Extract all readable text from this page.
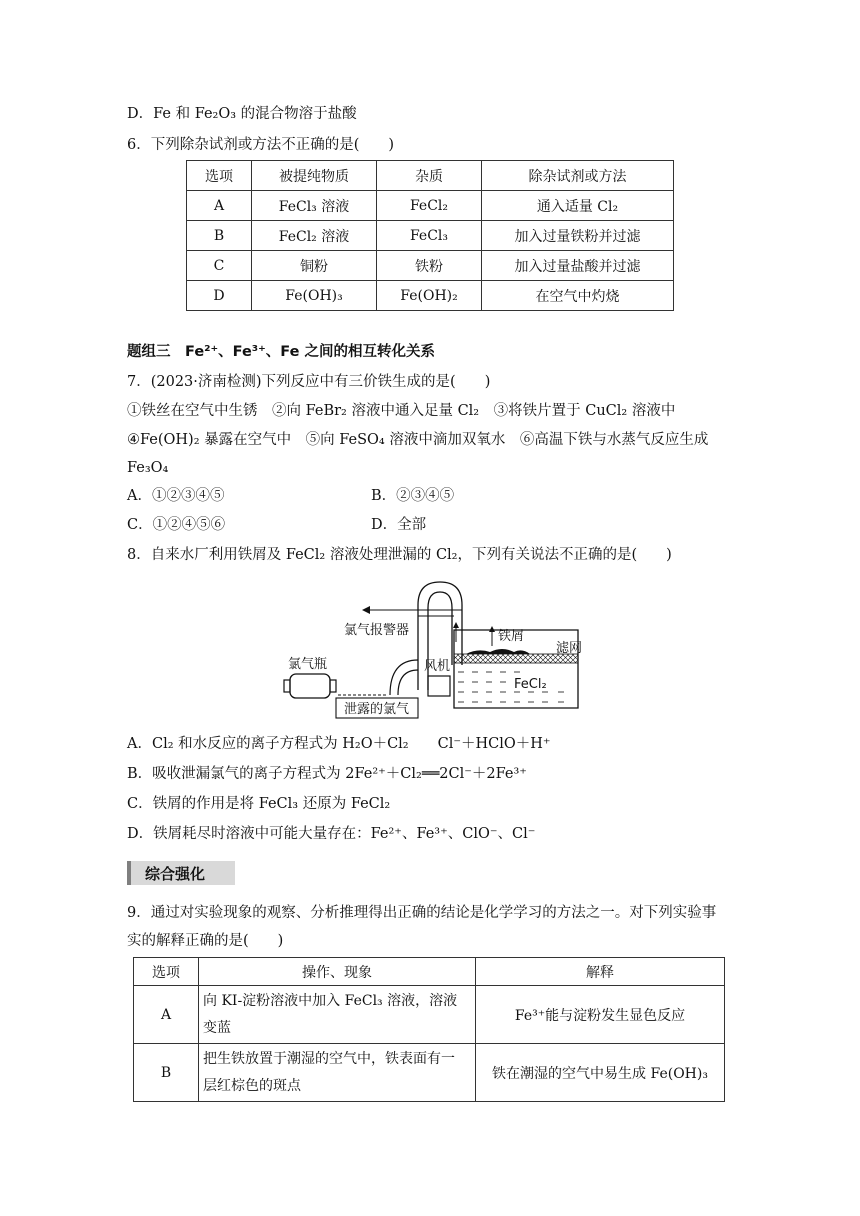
D．Fe 和 Fe₂O₃ 的混合物溶于盐酸
6．下列除杂试剂或方法不正确的是(　　)
选项	被提纯物质	杂质	除杂试剂或方法
A	FeCl₃ 溶液	FeCl₂	通入适量 Cl₂
B	FeCl₂ 溶液	FeCl₃	加入过量铁粉并过滤
C	铜粉	铁粉	加入过量盐酸并过滤
D	Fe(OH)₃	Fe(OH)₂	在空气中灼烧
题组三　Fe²⁺、Fe³⁺、Fe 之间的相互转化关系
7．(2023·济南检测)下列反应中有三价铁生成的是(　　)
①铁丝在空气中生锈　②向 FeBr₂ 溶液中通入足量 Cl₂　③将铁片置于 CuCl₂ 溶液中
④Fe(OH)₂ 暴露在空气中　⑤向 FeSO₄ 溶液中滴加双氧水　⑥高温下铁与水蒸气反应生成
Fe₃O₄
A．①②③④⑤	B．②③④⑤
C．①②④⑤⑥	D．全部
8．自来水厂利用铁屑及 FeCl₂ 溶液处理泄漏的 Cl₂，下列有关说法不正确的是(　　)
氯气瓶
氯气报警器
风机
铁屑
滤网
FeCl₂
泄露的氯气
A．Cl₂ 和水反应的离子方程式为 H₂O＋Cl₂　　Cl⁻＋HClO＋H⁺
B．吸收泄漏氯气的离子方程式为 2Fe²⁺＋Cl₂══2Cl⁻＋2Fe³⁺
C．铁屑的作用是将 FeCl₃ 还原为 FeCl₂
D．铁屑耗尽时溶液中可能大量存在：Fe²⁺、Fe³⁺、ClO⁻、Cl⁻
综合强化
9．通过对实验现象的观察、分析推理得出正确的结论是化学学习的方法之一。对下列实验事
实的解释正确的是(　　)
选项	操作、现象	解释
A	向 KI-淀粉溶液中加入 FeCl₃ 溶液，溶液
变蓝	Fe³⁺能与淀粉发生显色反应
B	把生铁放置于潮湿的空气中，铁表面有一
层红棕色的斑点	铁在潮湿的空气中易生成 Fe(OH)₃
